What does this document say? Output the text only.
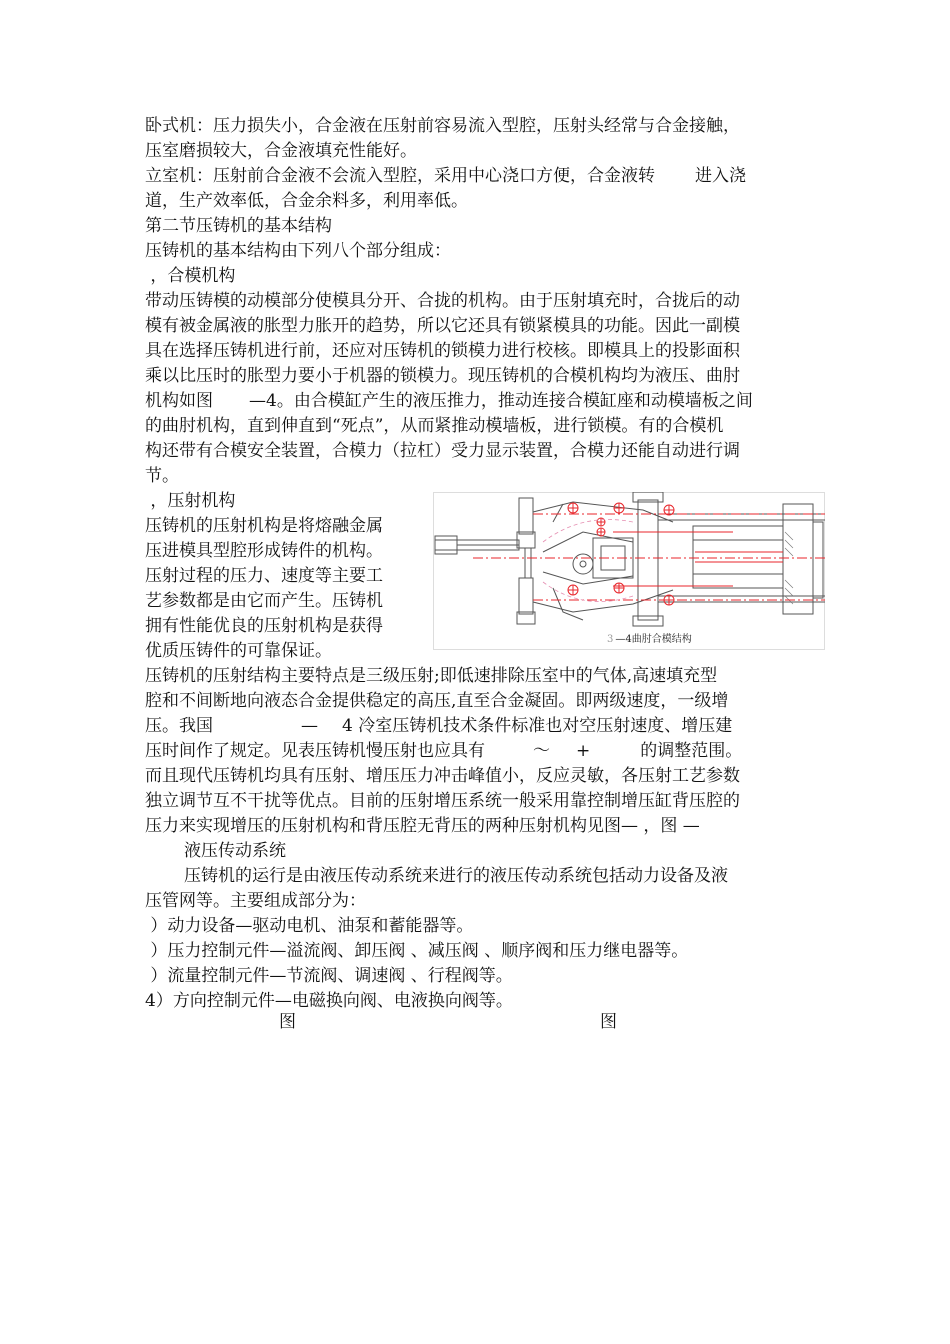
卧式机：压力损失小，合金液在压射前容易流入型腔，压射头经常与合金接触，
压室磨损较大，合金液填充性能好。
立室机：压射前合金液不会流入型腔，采用中心浇口方便，合金液转 进入浇
道，生产效率低，合金余料多，利用率低。
第二节压铸机的基本结构
压铸机的基本结构由下列八个部分组成：
，合模机构
带动压铸模的动模部分使模具分开、合拢的机构。由于压射填充时，合拢后的动
模有被金属液的胀型力胀开的趋势，所以它还具有锁紧模具的功能。因此一副模
具在选择压铸机进行前，还应对压铸机的锁模力进行校核。即模具上的投影面积
乘以比压时的胀型力要小于机器的锁模力。现压铸机的合模机构均为液压、曲肘
机构如图 —4。由合模缸产生的液压推力，推动连接合模缸座和动模墙板之间
的曲肘机构，直到伸直到“死点”，从而紧推动模墙板，进行锁模。有的合模机
构还带有合模安全装置，合模力（拉杠）受力显示装置，合模力还能自动进行调
节。
，压射机构
压铸机的压射机构是将熔融金属
压进模具型腔形成铸件的机构。
压射过程的压力、速度等主要工
艺参数都是由它而产生。压铸机
拥有性能优良的压射机构是获得
优质压铸件的可靠保证。
3 —4曲肘合模结构
压铸机的压射结构主要特点是三级压射;即低速排除压室中的气体,高速填充型
腔和不间断地向液态合金提供稳定的高压,直至合金凝固。即两级速度，一级增
压。我国	— 4 冷室压铸机技术条件标准也对空压射速度、增压建
压时间作了规定。见表压铸机慢压射也应具有	～ +	的调整范围。
而且现代压铸机均具有压射、增压压力冲击峰值小，反应灵敏，各压射工艺参数
独立调节互不干扰等优点。目前的压射增压系统一般采用靠控制增压缸背压腔的
压力来实现增压的压射机构和背压腔无背压的两种压射机构见图— ，图 —
液压传动系统
压铸机的运行是由液压传动系统来进行的液压传动系统包括动力设备及液
压管网等。主要组成部分为：
）动力设备—驱动电机、油泵和蓄能器等。
）压力控制元件—溢流阀、卸压阀 、减压阀 、顺序阀和压力继电器等。
）流量控制元件—节流阀、调速阀 、行程阀等。
4）方向控制元件—电磁换向阀、电液换向阀等。
图	图
